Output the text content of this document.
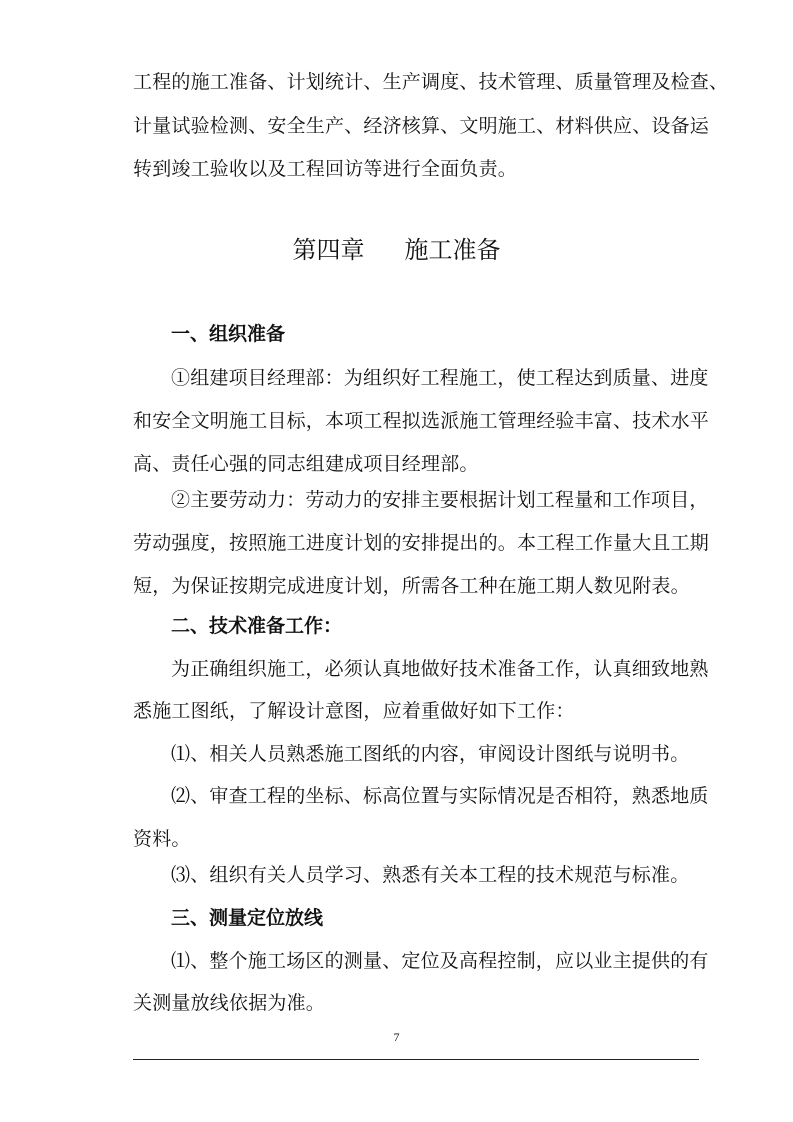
工程的施工准备、计划统计、生产调度、技术管理、质量管理及检查、
计量试验检测、安全生产、经济核算、文明施工、材料供应、设备运
转到竣工验收以及工程回访等进行全面负责。
第四章 施工准备
一、组织准备
①组建项目经理部：为组织好工程施工，使工程达到质量、进度
和安全文明施工目标，本项工程拟选派施工管理经验丰富、技术水平
高、责任心强的同志组建成项目经理部。
②主要劳动力：劳动力的安排主要根据计划工程量和工作项目，
劳动强度，按照施工进度计划的安排提出的。本工程工作量大且工期
短，为保证按期完成进度计划，所需各工种在施工期人数见附表。
二、技术准备工作：
为正确组织施工，必须认真地做好技术准备工作，认真细致地熟
悉施工图纸，了解设计意图，应着重做好如下工作：
⑴、相关人员熟悉施工图纸的内容，审阅设计图纸与说明书。
⑵、审查工程的坐标、标高位置与实际情况是否相符，熟悉地质
资料。
⑶、组织有关人员学习、熟悉有关本工程的技术规范与标准。
三、测量定位放线
⑴、整个施工场区的测量、定位及高程控制，应以业主提供的有
关测量放线依据为准。
7
